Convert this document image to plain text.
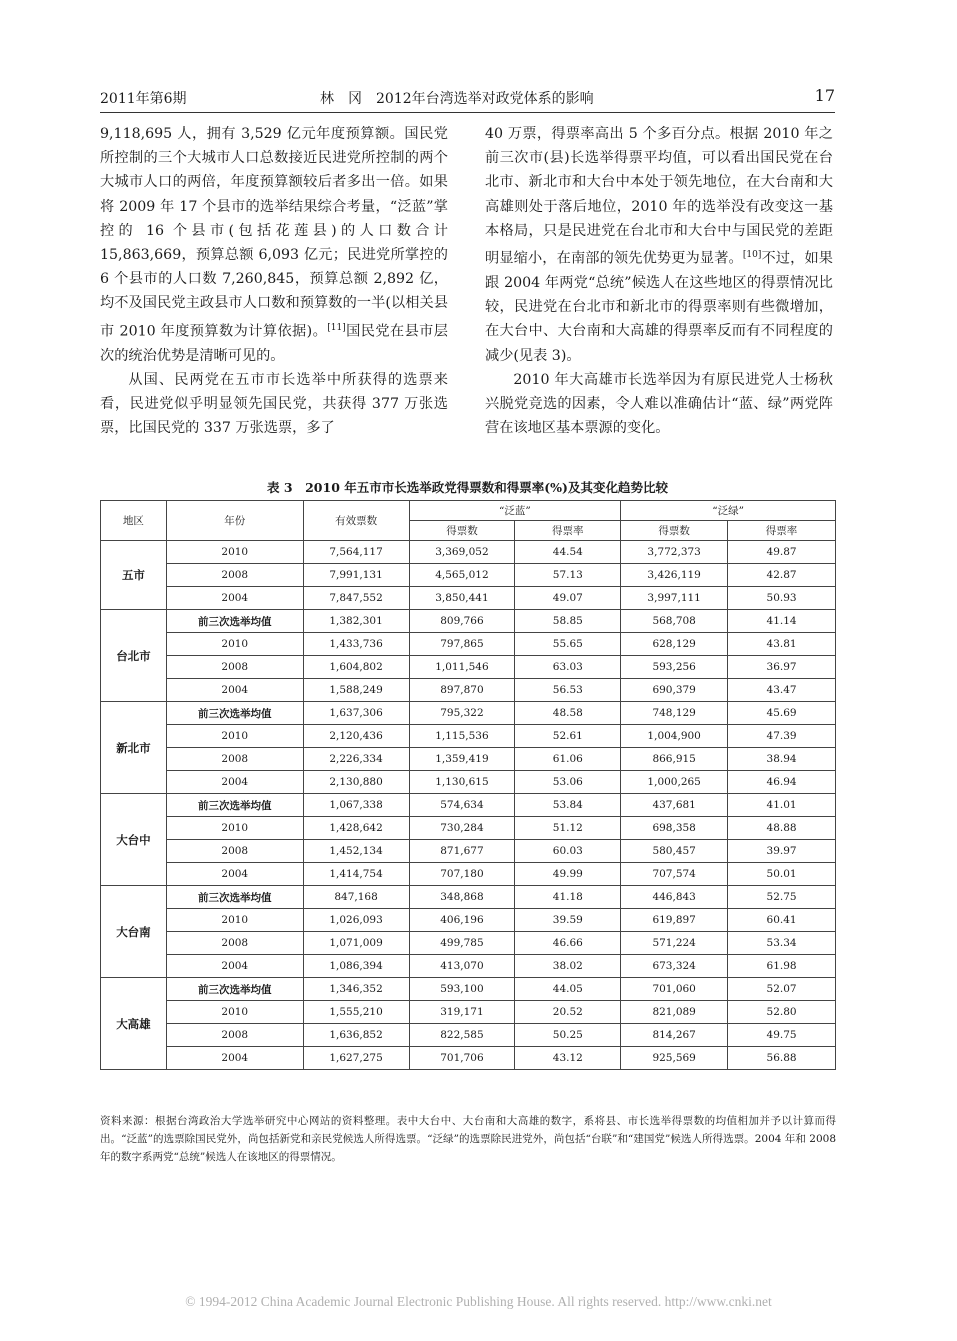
2011年第6期	林　冈　2012年台湾选举对政党体系的影响	17

9,118,695 人，拥有 3,529 亿元年度预算额。国民党所控制的三个大城市人口总数接近民进党所控制的两个大城市人口的两倍，年度预算额较后者多出一倍。如果将 2009 年 17 个县市的选举结果综合考量，“泛蓝”掌控的 16 个县市(包括花莲县)的人口数合计 15,863,669，预算总额 6,093 亿元；民进党所掌控的 6 个县市的人口数 7,260,845，预算总额 2,892 亿，均不及国民党主政县市人口数和预算数的一半(以相关县市 2010 年度预算数为计算依据)。[11]国民党在县市层次的统治优势是清晰可见的。

从国、民两党在五市市长选举中所获得的选票来看，民进党似乎明显领先国民党，共获得 377 万张选票，比国民党的 337 万张选票，多了

40 万票，得票率高出 5 个多百分点。根据 2010 年之前三次市(县)长选举得票平均值，可以看出国民党在台北市、新北市和大台中本处于领先地位，在大台南和大高雄则处于落后地位，2010 年的选举没有改变这一基本格局，只是民进党在台北市和大台中与国民党的差距明显缩小，在南部的领先优势更为显著。[10]不过，如果跟 2004 年两党“总统”候选人在这些地区的得票情况比较，民进党在台北市和新北市的得票率则有些微增加，在大台中、大台南和大高雄的得票率反而有不同程度的减少(见表 3)。

2010 年大高雄市长选举因为有原民进党人士杨秋兴脱党竞选的因素，令人难以准确估计“蓝、绿”两党阵营在该地区基本票源的变化。

表 3　2010 年五市市长选举政党得票数和得票率(%)及其变化趋势比较
地区	年份	有效票数	“泛蓝”		“泛绿”	
			得票数	得票率	得票数	得票率
五市	2010	7,564,117	3,369,052	44.54	3,772,373	49.87
	2008	7,991,131	4,565,012	57.13	3,426,119	42.87
	2004	7,847,552	3,850,441	49.07	3,997,111	50.93
台北市	前三次选举均值	1,382,301	809,766	58.85	568,708	41.14
	2010	1,433,736	797,865	55.65	628,129	43.81
	2008	1,604,802	1,011,546	63.03	593,256	36.97
	2004	1,588,249	897,870	56.53	690,379	43.47
新北市	前三次选举均值	1,637,306	795,322	48.58	748,129	45.69
	2010	2,120,436	1,115,536	52.61	1,004,900	47.39
	2008	2,226,334	1,359,419	61.06	866,915	38.94
	2004	2,130,880	1,130,615	53.06	1,000,265	46.94
大台中	前三次选举均值	1,067,338	574,634	53.84	437,681	41.01
	2010	1,428,642	730,284	51.12	698,358	48.88
	2008	1,452,134	871,677	60.03	580,457	39.97
	2004	1,414,754	707,180	49.99	707,574	50.01
大台南	前三次选举均值	847,168	348,868	41.18	446,843	52.75
	2010	1,026,093	406,196	39.59	619,897	60.41
	2008	1,071,009	499,785	46.66	571,224	53.34
	2004	1,086,394	413,070	38.02	673,324	61.98
大高雄	前三次选举均值	1,346,352	593,100	44.05	701,060	52.07
	2010	1,555,210	319,171	20.52	821,089	52.80
	2008	1,636,852	822,585	50.25	814,267	49.75
	2004	1,627,275	701,706	43.12	925,569	56.88
资料来源：根据台湾政治大学选举研究中心网站的资料整理。表中大台中、大台南和大高雄的数字，系将县、市长选举得票数的均值相加并予以计算而得出。“泛蓝”的选票除国民党外，尚包括新党和亲民党候选人所得选票。“泛绿”的选票除民进党外，尚包括“台联”和“建国党”候选人所得选票。2004 年和 2008 年的数字系两党“总统”候选人在该地区的得票情况。
© 1994-2012 China Academic Journal Electronic Publishing House. All rights reserved. http://www.cnki.net
